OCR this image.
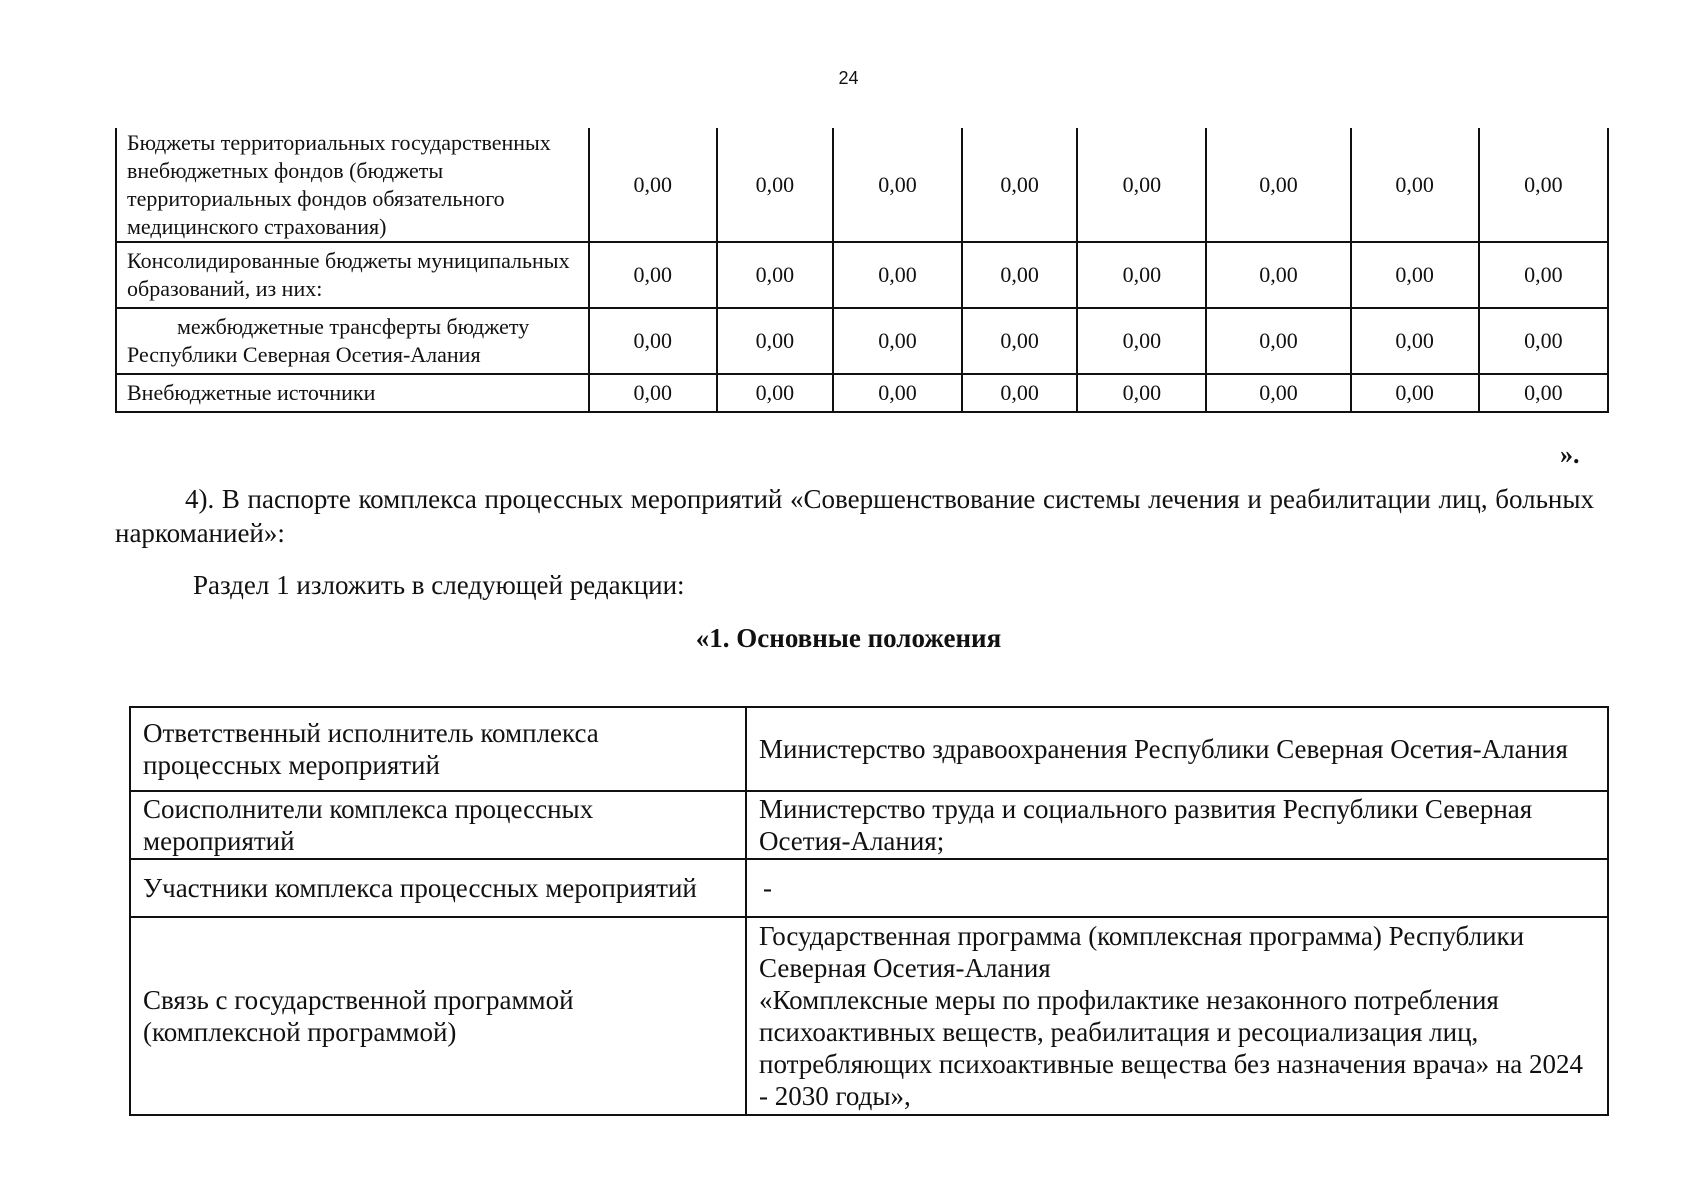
24
Бюджеты территориальных государственных внебюджетных фондов (бюджеты территориальных фондов обязательного медицинского страхования)	0,00	0,00	0,00	0,00	0,00	0,00	0,00	0,00
Консолидированные бюджеты муниципальных образований, из них:	0,00	0,00	0,00	0,00	0,00	0,00	0,00	0,00
межбюджетные трансферты бюджету Республики Северная Осетия-Алания	0,00	0,00	0,00	0,00	0,00	0,00	0,00	0,00
Внебюджетные источники	0,00	0,00	0,00	0,00	0,00	0,00	0,00	0,00
».

4). В паспорте комплекса процессных мероприятий «Совершенствование системы лечения и реабилитации лиц, больных наркоманией»:

Раздел 1 изложить в следующей редакции:

«1. Основные положения
Ответственный исполнитель комплекса процессных мероприятий	Министерство здравоохранения Республики Северная Осетия-Алания
Соисполнители комплекса процессных мероприятий	Министерство труда и социального развития Республики Северная Осетия-Алания;
Участники комплекса процессных мероприятий	-
Связь с государственной программой (комплексной программой)	Государственная программа (комплексная программа) Республики Северная Осетия-Алания
«Комплексные меры по профилактике незаконного потребления психоактивных веществ, реабилитация и ресоциализация лиц, потребляющих психоактивные вещества без назначения врача» на 2024 - 2030 годы»,
